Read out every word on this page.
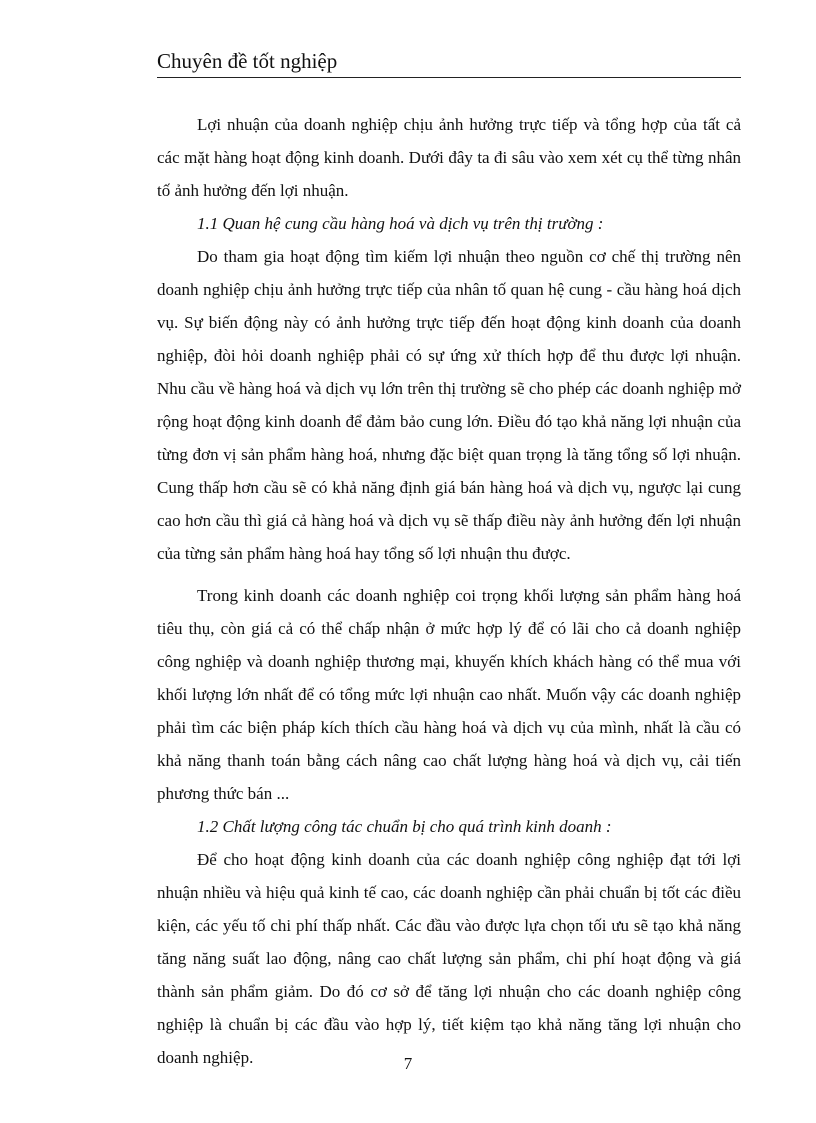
Chuyên đề tốt nghiệp

Lợi nhuận của doanh nghiệp chịu ảnh hưởng trực tiếp và tổng hợp của tất cả các mặt hàng hoạt động kinh doanh. Dưới đây ta đi sâu vào xem xét cụ thể từng nhân tố ảnh hưởng đến lợi nhuận.

1.1 Quan hệ cung cầu hàng hoá và dịch vụ trên thị trường :

Do tham gia hoạt động tìm kiếm lợi nhuận theo nguồn cơ chế thị trường nên doanh nghiệp chịu ảnh hưởng trực tiếp của nhân tố quan hệ cung - cầu hàng hoá dịch vụ. Sự biến động này có ảnh hưởng trực tiếp đến hoạt động kinh doanh của doanh nghiệp, đòi hỏi doanh nghiệp phải có sự ứng xử thích hợp để thu được lợi nhuận. Nhu cầu về hàng hoá và dịch vụ lớn trên thị trường sẽ cho phép các doanh nghiệp mở rộng hoạt động kinh doanh để đảm bảo cung lớn. Điều đó tạo khả năng lợi nhuận của từng đơn vị sản phẩm hàng hoá, nhưng đặc biệt quan trọng là tăng tổng số lợi nhuận. Cung thấp hơn cầu sẽ có khả năng định giá bán hàng hoá và dịch vụ, ngược lại cung cao hơn cầu thì giá cả hàng hoá và dịch vụ sẽ thấp điều này ảnh hưởng đến lợi nhuận của từng sản phẩm hàng hoá hay tổng số lợi nhuận thu được.

Trong kinh doanh các doanh nghiệp coi trọng khối lượng sản phẩm hàng hoá tiêu thụ, còn giá cả có thể chấp nhận ở mức hợp lý để có lãi cho cả doanh nghiệp công nghiệp và doanh nghiệp thương mại, khuyến khích khách hàng có thể mua với khối lượng lớn nhất để có tổng mức lợi nhuận cao nhất. Muốn vậy các doanh nghiệp phải tìm các biện pháp kích thích cầu hàng hoá và dịch vụ của mình, nhất là cầu có khả năng thanh toán bằng cách nâng cao chất lượng hàng hoá và dịch vụ, cải tiến phương thức bán ...

1.2 Chất lượng công tác chuẩn bị cho quá trình kinh doanh :

Để cho hoạt động kinh doanh của các doanh nghiệp công nghiệp đạt tới lợi nhuận nhiều và hiệu quả kinh tế cao, các doanh nghiệp cần phải chuẩn bị tốt các điều kiện, các yếu tố chi phí thấp nhất. Các đầu vào được lựa chọn tối ưu sẽ tạo khả năng tăng năng suất lao động, nâng cao chất lượng sản phẩm, chi phí hoạt động và giá thành sản phẩm giảm. Do đó cơ sở để tăng lợi nhuận cho các doanh nghiệp công nghiệp là chuẩn bị các đầu vào hợp lý, tiết kiệm tạo khả năng tăng lợi nhuận cho doanh nghiệp.	7
